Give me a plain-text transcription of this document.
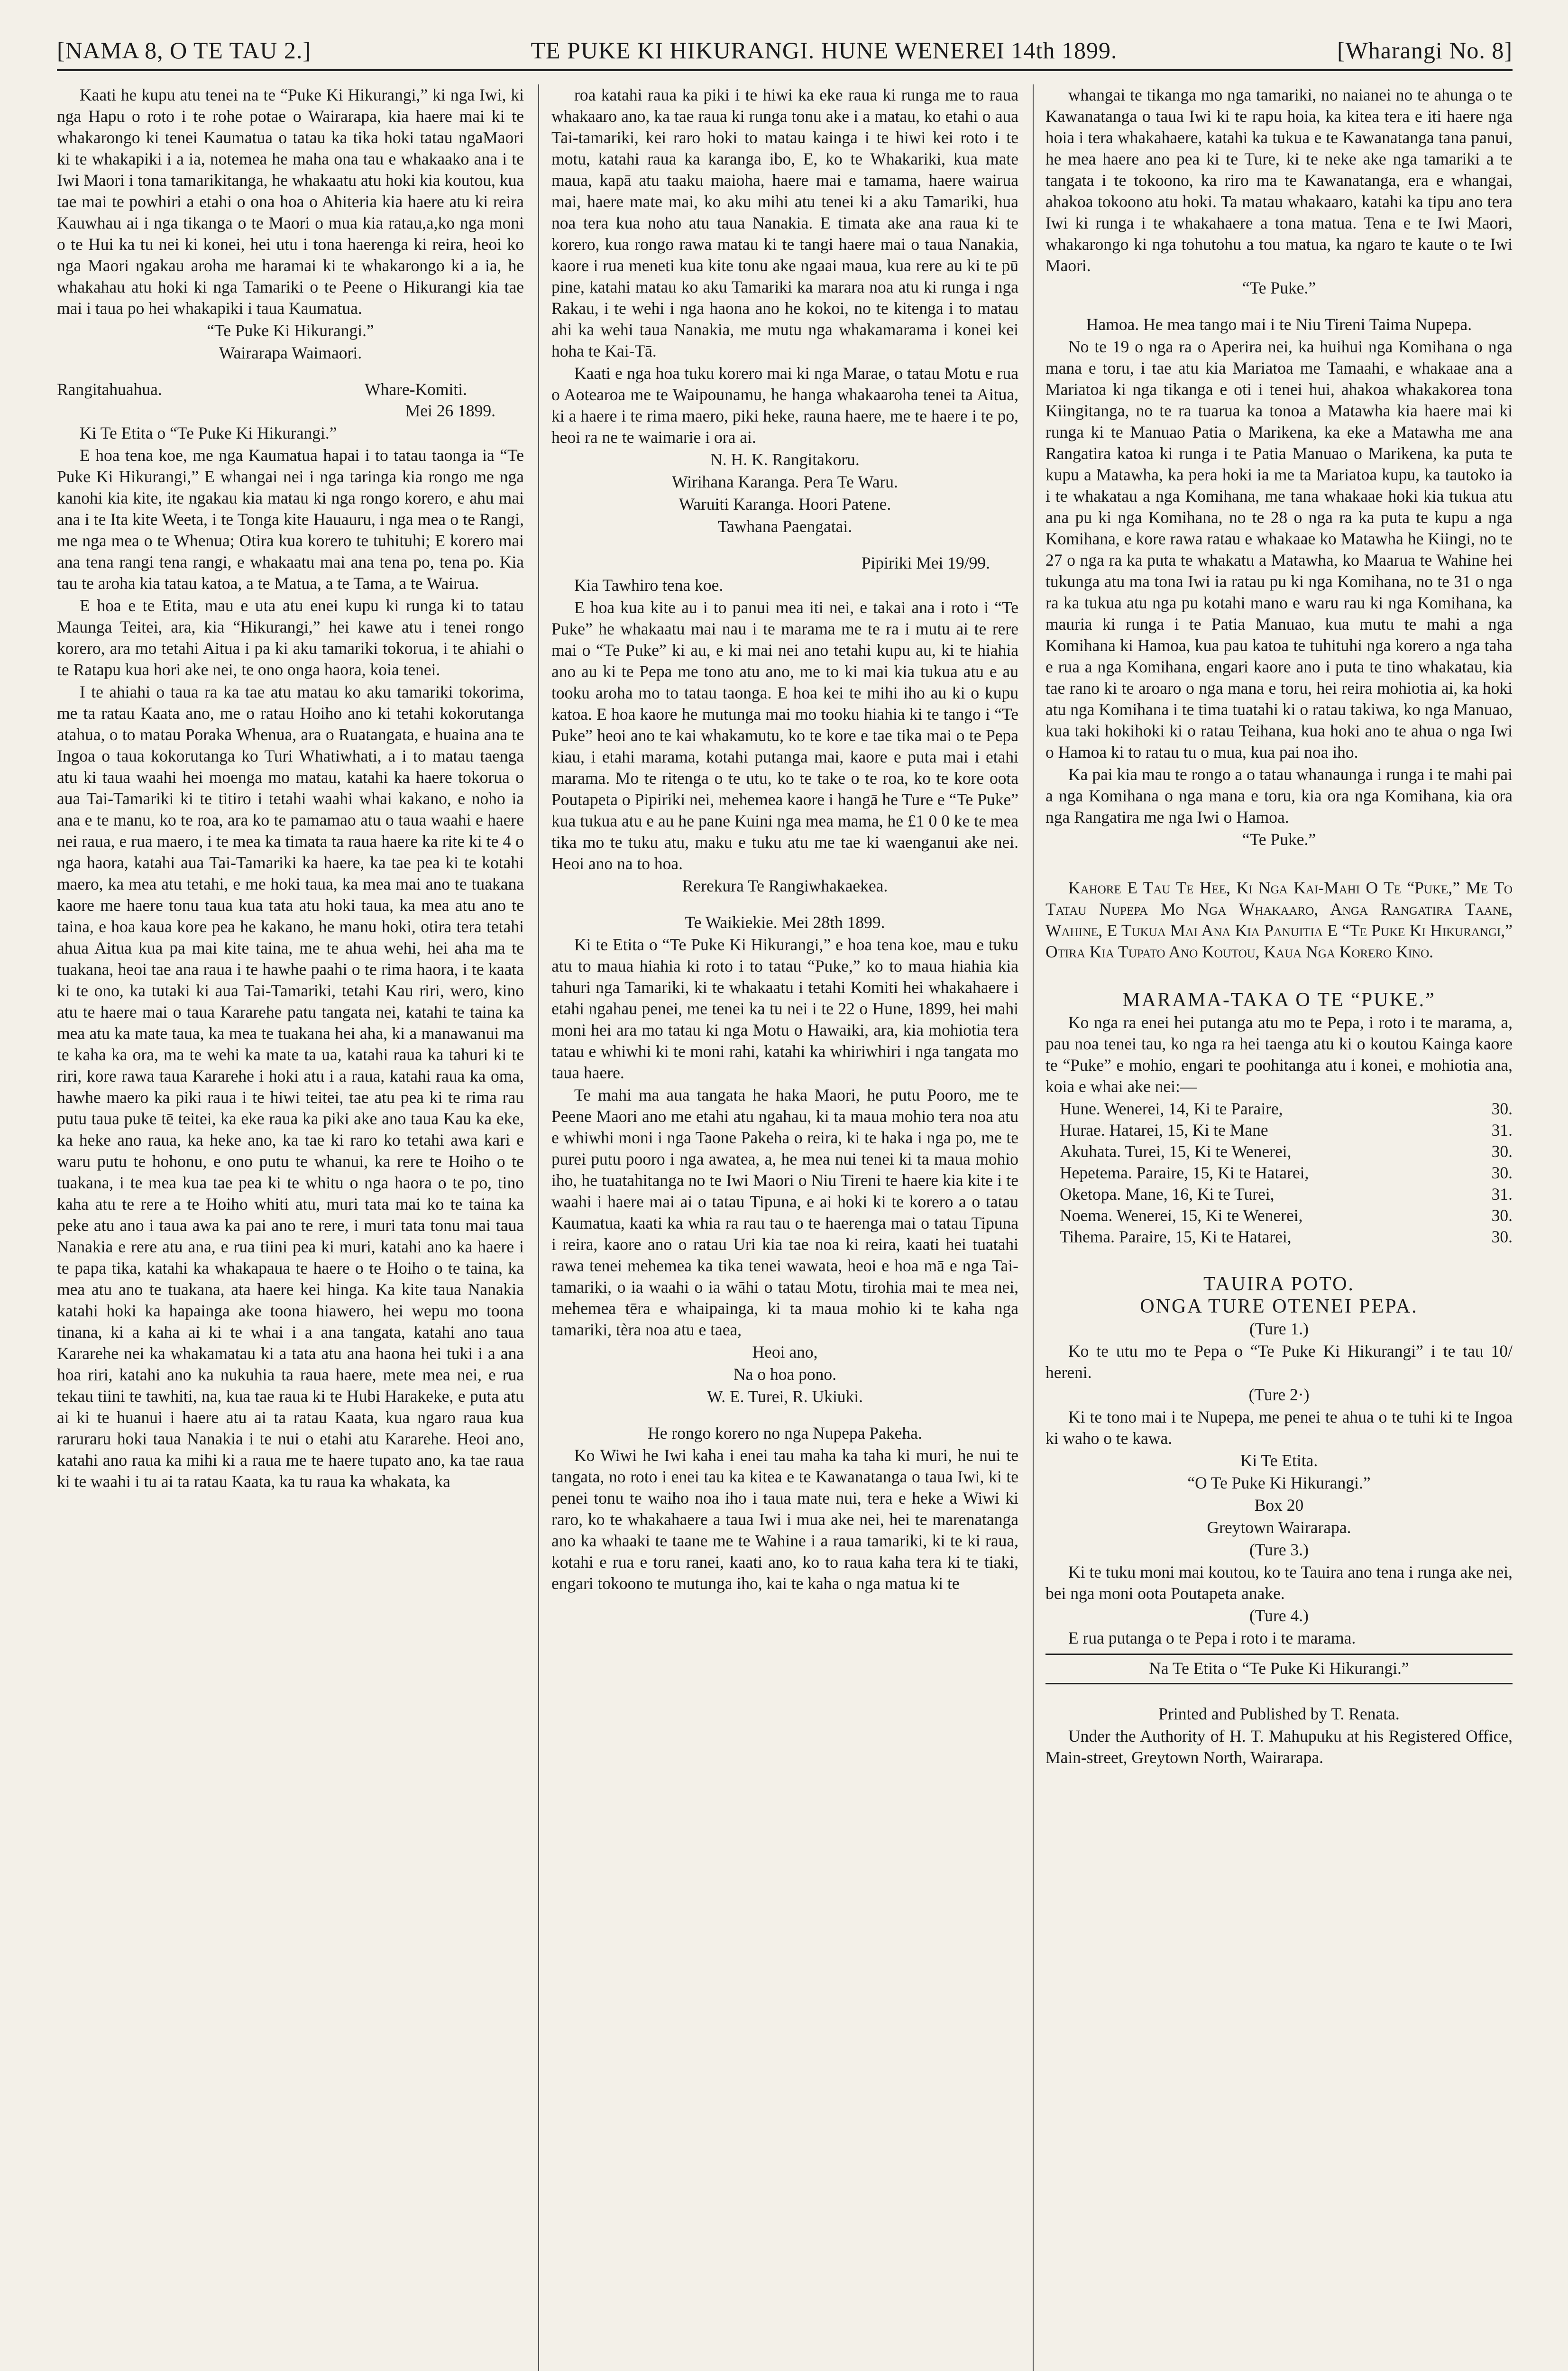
[NAMA 8, O TE TAU 2.]	TE PUKE KI HIKURANGI. HUNE WENEREI 14th 1899.	[Wharangi No. 8]

Kaati he kupu atu tenei na te “Puke Ki Hikurangi,” ki nga Iwi, ki nga Hapu o roto i te rohe potae o Wairarapa, kia haere mai ki te whakarongo ki tenei Kaumatua o tatau ka tika hoki tatau ngaMaori ki te whakapiki i a ia, notemea he maha ona tau e whakaako ana i te Iwi Maori i tona tamarikitanga, he whakaatu atu hoki kia koutou, kua tae mai te powhiri a etahi o ona hoa o Ahiteria kia haere atu ki reira Kauwhau ai i nga tikanga o te Maori o mua kia ratau,a,ko nga moni o te Hui ka tu nei ki konei, hei utu i tona haerenga ki reira, heoi ko nga Maori ngakau aroha me haramai ki te whakarongo ki a ia, he whakahau atu hoki ki nga Tamariki o te Peene o Hikurangi kia tae mai i taua po hei whakapiki i taua Kaumatua.

“Te Puke Ki Hikurangi.”

Wairarapa Waimaori.

Rangitahuahua.	Whare-Komiti.

Mei 26 1899.

Ki Te Etita o “Te Puke Ki Hikurangi.”

E hoa tena koe, me nga Kaumatua hapai i to tatau taonga ia “Te Puke Ki Hikurangi,” E whangai nei i nga taringa kia rongo me nga kanohi kia kite, ite ngakau kia matau ki nga rongo korero, e ahu mai ana i te Ita kite Weeta, i te Tonga kite Hauauru, i nga mea o te Rangi, me nga mea o te Whenua; Otira kua korero te tuhituhi; E korero mai ana tena rangi tena rangi, e whakaatu mai ana tena po, tena po. Kia tau te aroha kia tatau katoa, a te Matua, a te Tama, a te Wairua.

E hoa e te Etita, mau e uta atu enei kupu ki runga ki to tatau Maunga Teitei, ara, kia “Hikurangi,” hei kawe atu i tenei rongo korero, ara mo tetahi Aitua i pa ki aku tamariki tokorua, i te ahiahi o te Ratapu kua hori ake nei, te ono onga haora, koia tenei.

I te ahiahi o taua ra ka tae atu matau ko aku tamariki tokorima, me ta ratau Kaata ano, me o ratau Hoiho ano ki tetahi kokorutanga atahua, o to matau Poraka Whenua, ara o Ruatangata, e huaina ana te Ingoa o taua kokorutanga ko Turi Whatiwhati, a i to matau taenga atu ki taua waahi hei moenga mo matau, katahi ka haere tokorua o aua Tai-Tamariki ki te titiro i tetahi waahi whai kakano, e noho ia ana e te manu, ko te roa, ara ko te pamamao atu o taua waahi e haere nei raua, e rua maero, i te mea ka timata ta raua haere ka rite ki te 4 o nga haora, katahi aua Tai-Tamariki ka haere, ka tae pea ki te kotahi maero, ka mea atu tetahi, e me hoki taua, ka mea mai ano te tuakana kaore me haere tonu taua kua tata atu hoki taua, ka mea atu ano te taina, e hoa kaua kore pea he kakano, he manu hoki, otira tera tetahi ahua Aitua kua pa mai kite taina, me te ahua wehi, hei aha ma te tuakana, heoi tae ana raua i te hawhe paahi o te rima haora, i te kaata ki te ono, ka tutaki ki aua Tai-Tamariki, tetahi Kau riri, wero, kino atu te haere mai o taua Kararehe patu tangata nei, katahi te taina ka mea atu ka mate taua, ka mea te tuakana hei aha, ki a manawanui ma te kaha ka ora, ma te wehi ka mate ta ua, katahi raua ka tahuri ki te riri, kore rawa taua Kararehe i hoki atu i a raua, katahi raua ka oma, hawhe maero ka piki raua i te hiwi teitei, tae atu pea ki te rima rau putu taua puke tē teitei, ka eke raua ka piki ake ano taua Kau ka eke, ka heke ano raua, ka heke ano, ka tae ki raro ko tetahi awa kari e waru putu te hohonu, e ono putu te whanui, ka rere te Hoiho o te tuakana, i te mea kua tae pea ki te whitu o nga haora o te po, tino kaha atu te rere a te Hoiho whiti atu, muri tata mai ko te taina ka peke atu ano i taua awa ka pai ano te rere, i muri tata tonu mai taua Nanakia e rere atu ana, e rua tiini pea ki muri, katahi ano ka haere i te papa tika, katahi ka whakapaua te haere o te Hoiho o te taina, ka mea atu ano te tuakana, ata haere kei hinga. Ka kite taua Nanakia katahi hoki ka hapainga ake toona hiawero, hei wepu mo toona tinana, ki a kaha ai ki te whai i a ana tangata, katahi ano taua Kararehe nei ka whakamatau ki a tata atu ana haona hei tuki i a ana hoa riri, katahi ano ka nukuhia ta raua haere, mete mea nei, e rua tekau tiini te tawhiti, na, kua tae raua ki te Hubi Harakeke, e puta atu ai ki te huanui i haere atu ai ta ratau Kaata, kua ngaro raua kua raruraru hoki taua Nanakia i te nui o etahi atu Kararehe. Heoi ano, katahi ano raua ka mihi ki a raua me te haere tupato ano, ka tae raua ki te waahi i tu ai ta ratau Kaata, ka tu raua ka whakata, ka

roa katahi raua ka piki i te hiwi ka eke raua ki runga me to raua whakaaro ano, ka tae raua ki runga tonu ake i a matau, ko etahi o aua Tai-tamariki, kei raro hoki to matau kainga i te hiwi kei roto i te motu, katahi raua ka karanga ibo, E, ko te Whakariki, kua mate maua, kapā atu taaku maioha, haere mai e tamama, haere wairua mai, haere mate mai, ko aku mihi atu tenei ki a aku Tamariki, hua noa tera kua noho atu taua Nanakia. E timata ake ana raua ki te korero, kua rongo rawa matau ki te tangi haere mai o taua Nanakia, kaore i rua meneti kua kite tonu ake ngaai maua, kua rere au ki te pū pine, katahi matau ko aku Tamariki ka marara noa atu ki runga i nga Rakau, i te wehi i nga haona ano he kokoi, no te kitenga i to matau ahi ka wehi taua Nanakia, me mutu nga whakamarama i konei kei hoha te Kai-Tā.

Kaati e nga hoa tuku korero mai ki nga Marae, o tatau Motu e rua o Aotearoa me te Waipounamu, he hanga whakaaroha tenei ta Aitua, ki a haere i te rima maero, piki heke, rauna haere, me te haere i te po, heoi ra ne te waimarie i ora ai.

N. H. K. Rangitakoru.

Wirihana Karanga. Pera Te Waru.

Waruiti Karanga. Hoori Patene.

Tawhana Paengatai.

Pipiriki Mei 19/99.

Kia Tawhiro tena koe.

E hoa kua kite au i to panui mea iti nei, e takai ana i roto i “Te Puke” he whakaatu mai nau i te marama me te ra i mutu ai te rere mai o “Te Puke” ki au, e ki mai nei ano tetahi kupu au, ki te hiahia ano au ki te Pepa me tono atu ano, me to ki mai kia tukua atu e au tooku aroha mo to tatau taonga. E hoa kei te mihi iho au ki o kupu katoa. E hoa kaore he mutunga mai mo tooku hiahia ki te tango i “Te Puke” heoi ano te kai whakamutu, ko te kore e tae tika mai o te Pepa kiau, i etahi marama, kotahi putanga mai, kaore e puta mai i etahi marama. Mo te ritenga o te utu, ko te take o te roa, ko te kore oota Poutapeta o Pipiriki nei, mehemea kaore i hangā he Ture e “Te Puke” kua tukua atu e au he pane Kuini nga mea mama, he £1 0 0 ke te mea tika mo te tuku atu, maku e tuku atu me tae ki waenganui ake nei. Heoi ano na to hoa.

Rerekura Te Rangiwhakaekea.

Te Waikiekie. Mei 28th 1899.

Ki te Etita o “Te Puke Ki Hikurangi,” e hoa tena koe, mau e tuku atu to maua hiahia ki roto i to tatau “Puke,” ko to maua hiahia kia tahuri nga Tamariki, ki te whakaatu i tetahi Komiti hei whakahaere i etahi ngahau penei, me tenei ka tu nei i te 22 o Hune, 1899, hei mahi moni hei ara mo tatau ki nga Motu o Hawaiki, ara, kia mohiotia tera tatau e whiwhi ki te moni rahi, katahi ka whiriwhiri i nga tangata mo taua haere.

Te mahi ma aua tangata he haka Maori, he putu Pooro, me te Peene Maori ano me etahi atu ngahau, ki ta maua mohio tera noa atu e whiwhi moni i nga Taone Pakeha o reira, ki te haka i nga po, me te purei putu pooro i nga awatea, a, he mea nui tenei ki ta maua mohio iho, he tuatahitanga no te Iwi Maori o Niu Tireni te haere kia kite i te waahi i haere mai ai o tatau Tipuna, e ai hoki ki te korero a o tatau Kaumatua, kaati ka whia ra rau tau o te haerenga mai o tatau Tipuna i reira, kaore ano o ratau Uri kia tae noa ki reira, kaati hei tuatahi rawa tenei mehemea ka tika tenei wawata, heoi e hoa mā e nga Tai-tamariki, o ia waahi o ia wāhi o tatau Motu, tirohia mai te mea nei, mehemea tēra e whaipainga, ki ta maua mohio ki te kaha nga tamariki, tèra noa atu e taea,

Heoi ano,

Na o hoa pono.

W. E. Turei, R. Ukiuki.

He rongo korero no nga Nupepa Pakeha.

Ko Wiwi he Iwi kaha i enei tau maha ka taha ki muri, he nui te tangata, no roto i enei tau ka kitea e te Kawanatanga o taua Iwi, ki te penei tonu te waiho noa iho i taua mate nui, tera e heke a Wiwi ki raro, ko te whakahaere a taua Iwi i mua ake nei, hei te marenatanga ano ka whaaki te taane me te Wahine i a raua tamariki, ki te ki raua, kotahi e rua e toru ranei, kaati ano, ko to raua kaha tera ki te tiaki, engari tokoono te mutunga iho, kai te kaha o nga matua ki te

whangai te tikanga mo nga tamariki, no naianei no te ahunga o te Kawanatanga o taua Iwi ki te rapu hoia, ka kitea tera e iti haere nga hoia i tera whakahaere, katahi ka tukua e te Kawanatanga tana panui, he mea haere ano pea ki te Ture, ki te neke ake nga tamariki a te tangata i te tokoono, ka riro ma te Kawanatanga, era e whangai, ahakoa tokoono atu hoki. Ta matau whakaaro, katahi ka tipu ano tera Iwi ki runga i te whakahaere a tona matua. Tena e te Iwi Maori, whakarongo ki nga tohutohu a tou matua, ka ngaro te kaute o te Iwi Maori.

“Te Puke.”

Hamoa. He mea tango mai i te Niu Tireni Taima Nupepa.

No te 19 o nga ra o Aperira nei, ka huihui nga Komihana o nga mana e toru, i tae atu kia Mariatoa me Tamaahi, e whakaae ana a Mariatoa ki nga tikanga e oti i tenei hui, ahakoa whakakorea tona Kiingitanga, no te ra tuarua ka tonoa a Matawha kia haere mai ki runga ki te Manuao Patia o Marikena, ka eke a Matawha me ana Rangatira katoa ki runga i te Patia Manuao o Marikena, ka puta te kupu a Matawha, ka pera hoki ia me ta Mariatoa kupu, ka tautoko ia i te whakatau a nga Komihana, me tana whakaae hoki kia tukua atu ana pu ki nga Komihana, no te 28 o nga ra ka puta te kupu a nga Komihana, e kore rawa ratau e whakaae ko Matawha he Kiingi, no te 27 o nga ra ka puta te whakatu a Matawha, ko Maarua te Wahine hei tukunga atu ma tona Iwi ia ratau pu ki nga Komihana, no te 31 o nga ra ka tukua atu nga pu kotahi mano e waru rau ki nga Komihana, ka mauria ki runga i te Patia Manuao, kua mutu te mahi a nga Komihana ki Hamoa, kua pau katoa te tuhituhi nga korero a nga taha e rua a nga Komihana, engari kaore ano i puta te tino whakatau, kia tae rano ki te aroaro o nga mana e toru, hei reira mohiotia ai, ka hoki atu nga Komihana i te tima tuatahi ki o ratau takiwa, ko nga Manuao, kua taki hokihoki ki o ratau Teihana, kua hoki ano te ahua o nga Iwi o Hamoa ki to ratau tu o mua, kua pai noa iho.

Ka pai kia mau te rongo a o tatau whanaunga i runga i te mahi pai a nga Komihana o nga mana e toru, kia ora nga Komihana, kia ora nga Rangatira me nga Iwi o Hamoa.

“Te Puke.”

Kahore E Tau Te Hee, Ki Nga Kai-Mahi O Te “Puke,” Me To Tatau Nupepa Mo Nga Whakaaro, Anga Rangatira Taane, Wahine, E Tukua Mai Ana Kia Panuitia E “Te Puke Ki Hikurangi,” Otira Kia Tupato Ano Koutou, Kaua Nga Korero Kino.

MARAMA-TAKA O TE “PUKE.”

Ko nga ra enei hei putanga atu mo te Pepa, i roto i te marama, a, pau noa tenei tau, ko nga ra hei taenga atu ki o koutou Kainga kaore te “Puke” e mohio, engari te poohitanga atu i konei, e mohiotia ana, koia e whai ake nei:—

Hune. Wenerei, 14, Ki te Paraire,	30.
Hurae. Hatarei, 15, Ki te Mane	31.
Akuhata. Turei, 15, Ki te Wenerei,	30.
Hepetema. Paraire, 15, Ki te Hatarei,	30.
Oketopa. Mane, 16, Ki te Turei,	31.
Noema. Wenerei, 15, Ki te Wenerei,	30.
Tihema. Paraire, 15, Ki te Hatarei,	30.

TAUIRA POTO.

ONGA TURE OTENEI PEPA.

(Ture 1.)

Ko te utu mo te Pepa o “Te Puke Ki Hikurangi” i te tau 10/ hereni.

(Ture 2·)

Ki te tono mai i te Nupepa, me penei te ahua o te tuhi ki te Ingoa ki waho o te kawa.

Ki Te Etita.

“O Te Puke Ki Hikurangi.”

Box 20

Greytown Wairarapa.

(Ture 3.)

Ki te tuku moni mai koutou, ko te Tauira ano tena i runga ake nei, bei nga moni oota Poutapeta anake.

(Ture 4.)

E rua putanga o te Pepa i roto i te marama.

Na Te Etita o “Te Puke Ki Hikurangi.”

Printed and Published by T. Renata.

Under the Authority of H. T. Mahupuku at his Registered Office, Main-street, Greytown North, Wairarapa.
